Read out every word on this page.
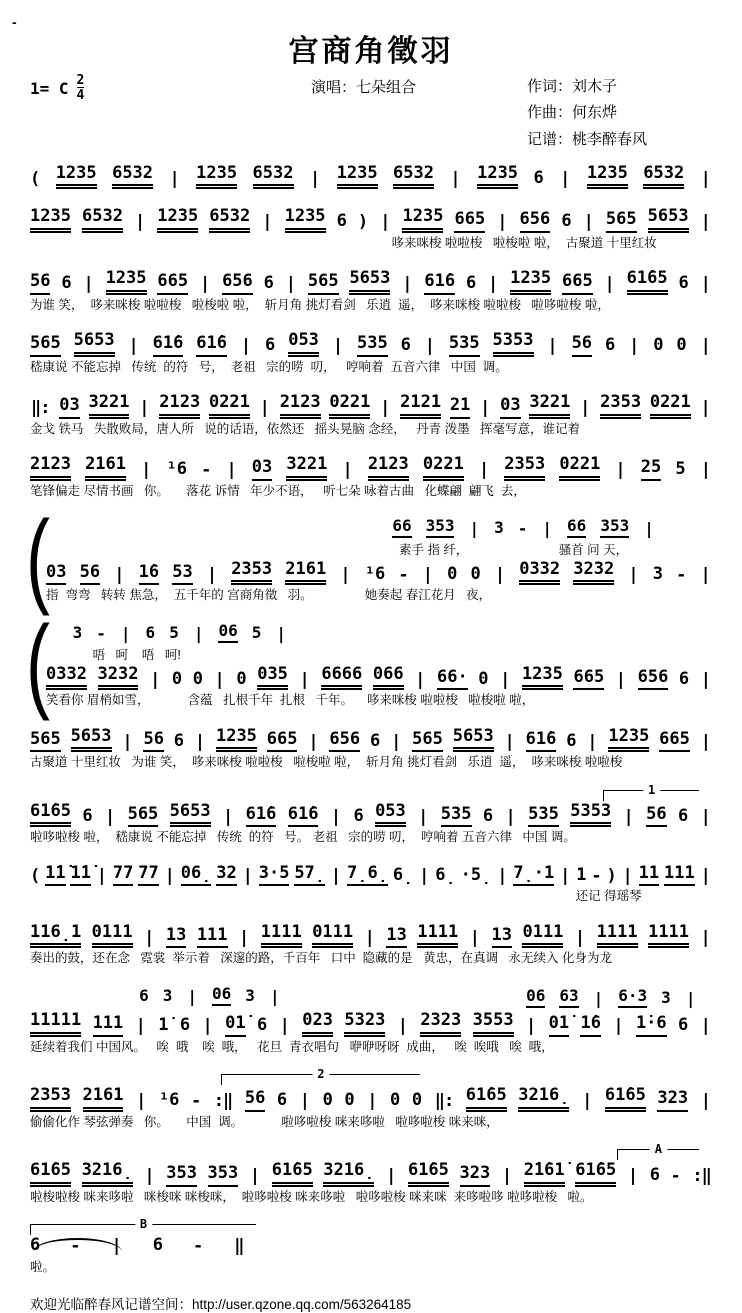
-
宫商角徵羽
1= C $\frac{2}{4}$	演唱：七朵组合	作词：刘木子
作曲：何东烨
记谱：桃李醉春风
( 1235 6532 | 1235 6532 | 1235 6532 | 1235 6 | 1235 6532 |
1235 6532 | 1235 6532 | 1235 6 ) | 1235 665 | 656 6 | 565 5653 |
哆来咪梭 啦啦梭   啦梭啦 啦，  古聚道 十里红妆
56 6 | 1235 665 | 656 6 | 565 5653 | 61̇6 6 | 1235 665 | 61̇65 6 |
为谁 笑，  哆来咪梭 啦啦梭   啦梭啦 啦，  斩月角 挑灯看剑   乐逍  遥，  哆来咪梭 啦啦梭   啦哆啦梭 啦，
565 5653 | 61̇6 61̇6 | 6 053 | 535 6 | 535 5353 | 56 6 | 0 0 |
嵇康说 不能忘掉   传统  的符   号，  老祖   宗的唠  叨，   哼响着  五音六律   中国  调。
‖: 03 3221 | 2123 0221 | 2123 0221 | 2121 21 | 03 3221 | 2353 0221 |
金戈 铁马   失散败局，唐人所   说的话语，依然还   摇头晃脑 念经，   丹青 泼墨   挥毫写意，谁记着
2123 2161 | ¹6 - | 03 3221 | 2123 0221 | 2353 0221 | 25 5 |
笔锋偏走 尽情书画   你。     落花 诉情   年少不语，   听七朵 咏着古曲   化蝶翩  翩飞  去，
(	66 353 | 3 - | 66 353 |
素手 指 纤，                          骚首 问 天，
03 56 | 1̇6 53 | 2353 2161 | ¹6 - | 0 0 | 0332 3232 | 3 - |
指  弯弯   转转 焦急，  五千年的 宫商角徵   羽。               她奏起 春江花月   夜，
( 3 - | 6 5 | 06 5 |
唔   呵    唔   呵!
0332 3232 | 0 0 | 0 035 | 6666 066 | 66· 0 | 1235 665 | 656 6 |
笑看你 眉梢如雪，           含蕴   扎根千年  扎根   千年。    哆来咪梭 啦啦梭   啦梭啦 啦，
565 5653 | 56 6 | 1235 665 | 656 6 | 565 5653 | 61̇6 6 | 1235 665 |
古聚道 十里红妆   为谁 笑，  哆来咪梭 啦啦梭   啦梭啦 啦，  斩月角 挑灯看剑   乐逍  遥，  哆来咪梭 啦啦梭
1
61̇65 6 | 565 5653 | 61̇6 61̇6 | 6 053 | 535 6 | 535 5353 | 56 6 |
啦哆啦梭 啦，  嵇康说 不能忘掉   传统  的符   号。 老祖   宗的唠 叨，  哼响着 五音六律   中国 调。
( 1̇1̇ 1̇1̇ | 77 77 | 06̣ 32 | 3·5 57̣ | 7̣6̣ 6̣ | 6̣ ·5̣ | 7̣·1 | 1 - ) | 11 111 |
还记 得瑶琴
116̣1 0111 | 13 111 | 1111 0111 | 13 1111 | 13 0111 | 1111 1111 |
奏出的鼓，还在念   霓裳  举示着   深邃的路，千百年   口中  隐藏的是   黄忠，在真调   永无续入 化身为龙
6 3 | 06 3 |	06 63 | 6·3 3 |
11111 111 | 1̇ 6 | 01̇ 6 | 023 5323 | 2323 3553 | 01̇ 1̇6 | 1̇·6 6 |
延续着我们 中国风。   唉  哦    唉  哦，   花旦  青衣唱句   咿咿呀呀  成曲，   唉  唉哦   唉  哦，
2
2353 2161 | ¹6 - :‖ 56 6 | 0 0 | 0 0 ‖: 61̇65 3216̣ | 61̇65 323 |
偷偷化作 琴弦弹奏   你。     中国  调。           啦哆啦梭 咪来哆啦   啦哆啦梭 咪来咪，
A
61̇65 3216̣ | 353 353 | 61̇65 3216̣ | 61̇65 323 | 2̇1̇61̇ 61̇65 | 6 - :‖
啦梭啦梭 咪来哆啦   咪梭咪 咪梭咪，  啦哆啦梭 咪来哆啦   啦哆啦梭 咪来咪  来哆啦哆 啦哆啦梭   啦。
B
6 - | 6 - ‖
啦。
欢迎光临醉春风记谱空间：http://user.qzone.qq.com/563264185
